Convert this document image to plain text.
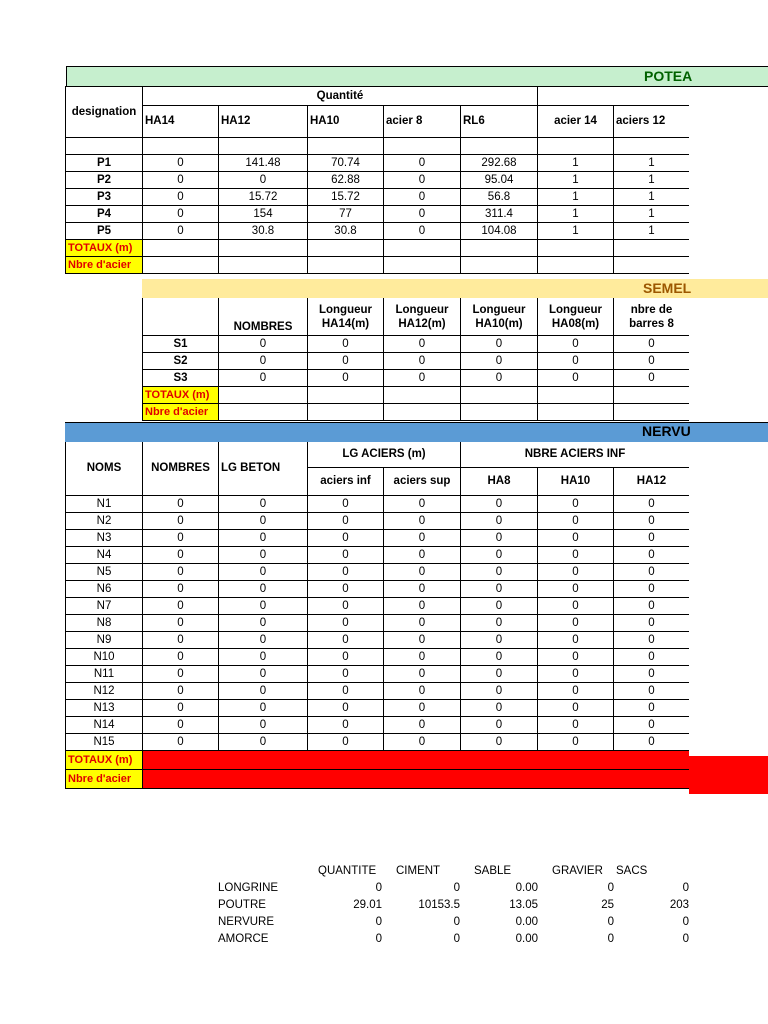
POTEA
designation	Quantité							
	HA14	HA12	HA10	acier 8	RL6	acier 14	aciers 12	

P1	0	141.48	70.74	0	292.68	1	1	
P2	0	0	62.88	0	95.04	1	1	
P3	0	15.72	15.72	0	56.8	1	1	
P4	0	154	77	0	311.4	1	1	
P5	0	30.8	30.8	0	104.08	1	1	
TOTAUX (m)								
Nbre d'acier								
	NOMBRES	Longueur HA14(m)	Longueur HA12(m)	Longueur HA10(m)	Longueur HA08(m)	nbre de barres 8	
S1	0	0	0	0	0	0	
S2	0	0	0	0	0	0	
S3	0	0	0	0	0	0	
TOTAUX (m)							
Nbre d'acier							
NOMS	NOMBRES	LG BETON	LG ACIERS (m)		NBRE ACIERS INF			
			aciers inf	aciers sup	HA8	HA10	HA12	
N1	0	0	0	0	0	0	0	
N2	0	0	0	0	0	0	0	
N3	0	0	0	0	0	0	0	
N4	0	0	0	0	0	0	0	
N5	0	0	0	0	0	0	0	
N6	0	0	0	0	0	0	0	
N7	0	0	0	0	0	0	0	
N8	0	0	0	0	0	0	0	
N9	0	0	0	0	0	0	0	
N10	0	0	0	0	0	0	0	
N11	0	0	0	0	0	0	0	
N12	0	0	0	0	0	0	0	
N13	0	0	0	0	0	0	0	
N14	0	0	0	0	0	0	0	
N15	0	0	0	0	0	0	0	
TOTAUX (m)								
Nbre d'acier								
SEMEL
NERVU
	QUANTITE	CIMENT	SABLE	GRAVIER	SACS
LONGRINE	0	0	0.00	0	0
POUTRE	29.01	10153.5	13.05	25	203
NERVURE	0	0	0.00	0	0
AMORCE	0	0	0.00	0	0
